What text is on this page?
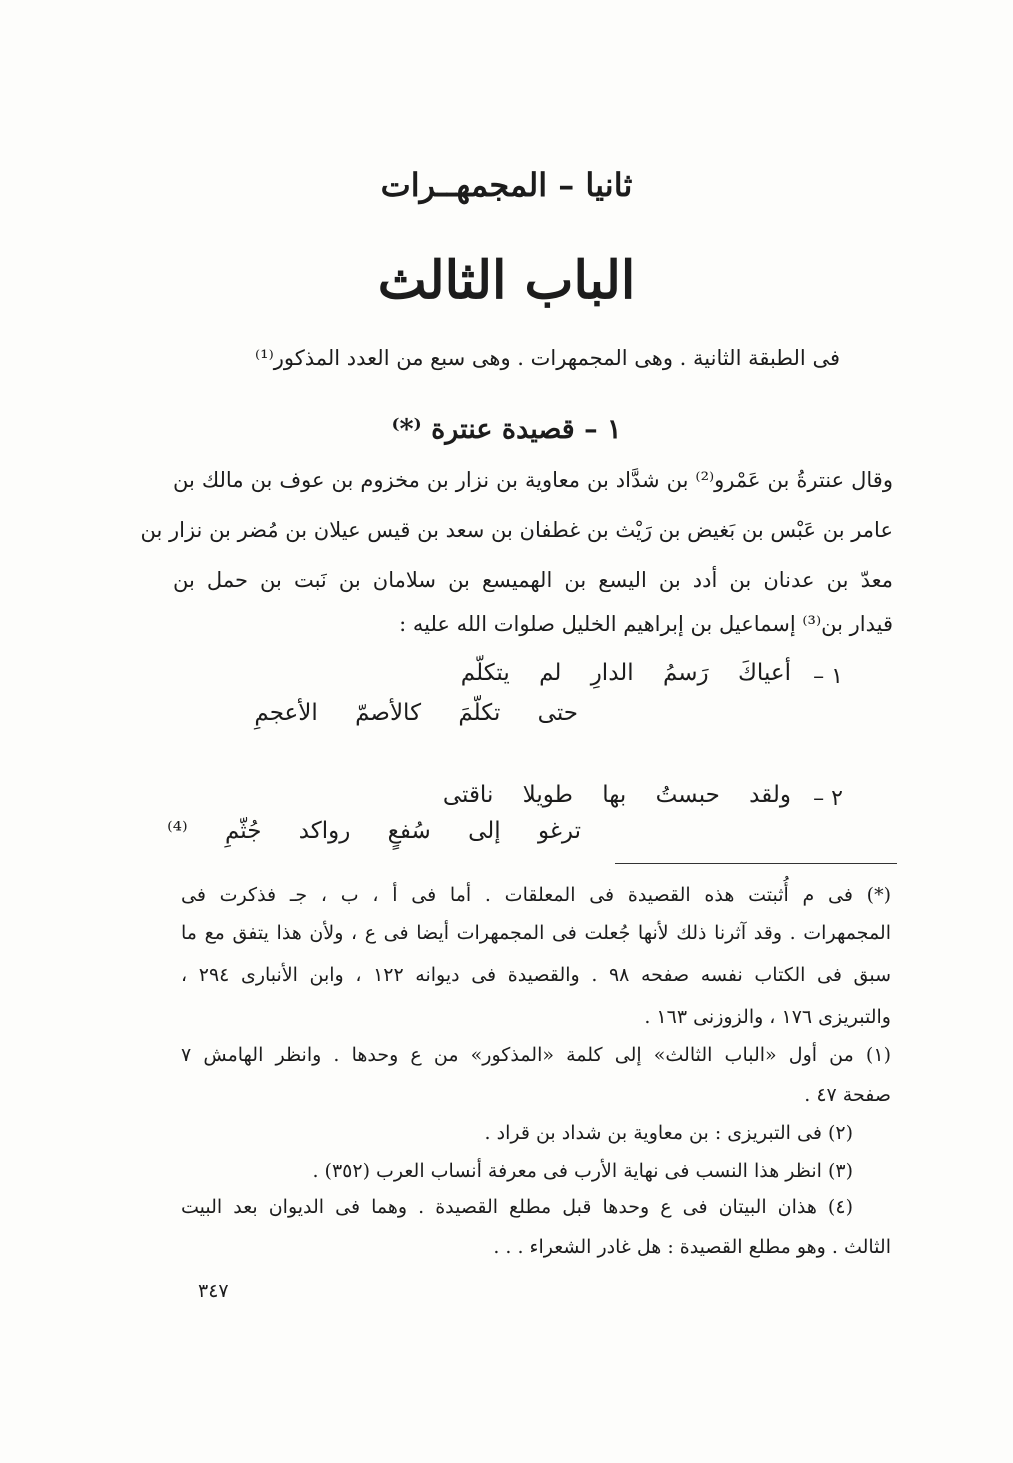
ثانيا – المجمهــرات
الباب الثالث
فى الطبقة الثانية . وهى المجمهرات . وهى سبع من العدد المذكور⁽¹⁾
١ – قصيدة عنترة ⁽*⁾
وقال عنترةُ بن عَمْرو⁽²⁾ بن شدَّاد بن معاوية بن نزار بن مخزوم بن عوف بن مالك بن
عامر بن عَبْس بن بَغيض بن رَيْث بن غطفان بن سعد بن قيس عيلان بن مُضر بن نزار بن
معدّ بن عدنان بن أدد بن اليسع بن الهميسع بن سلامان بن نَبت بن حمل بن
قيدار بن⁽³⁾ إسماعيل بن إبراهيم الخليل صلوات الله عليه :
١ –
أعياكَ رَسمُ الدارِ لم يتكلّم
حتى تكلّمَ كالأصمّ الأعجمِ
٢ –
ولقد حبستُ بها طويلا ناقتى
ترغو إلى سُفعٍ رواكد جُثّمِ ⁽⁴⁾
(*) فى م أُثبتت هذه القصيدة فى المعلقات . أما فى أ ، ب ، جـ فذكرت فى
المجمهرات . وقد آثرنا ذلك لأنها جُعلت فى المجمهرات أيضا فى ع ، ولأن هذا يتفق مع ما
سبق فى الكتاب نفسه صفحه ٩٨ . والقصيدة فى ديوانه ١٢٢ ، وابن الأنبارى ٢٩٤ ،
والتبريزى ١٧٦ ، والزوزنى ١٦٣ .
(١) من أول «الباب الثالث» إلى كلمة «المذكور» من ع وحدها . وانظر الهامش ٧
صفحة ٤٧ .
(٢) فى التبريزى : بن معاوية بن شداد بن قراد .
(٣) انظر هذا النسب فى نهاية الأرب فى معرفة أنساب العرب (٣٥٢) .
(٤) هذان البيتان فى ع وحدها قبل مطلع القصيدة . وهما فى الديوان بعد البيت
الثالث . وهو مطلع القصيدة : هل غادر الشعراء . . .
٣٤٧
